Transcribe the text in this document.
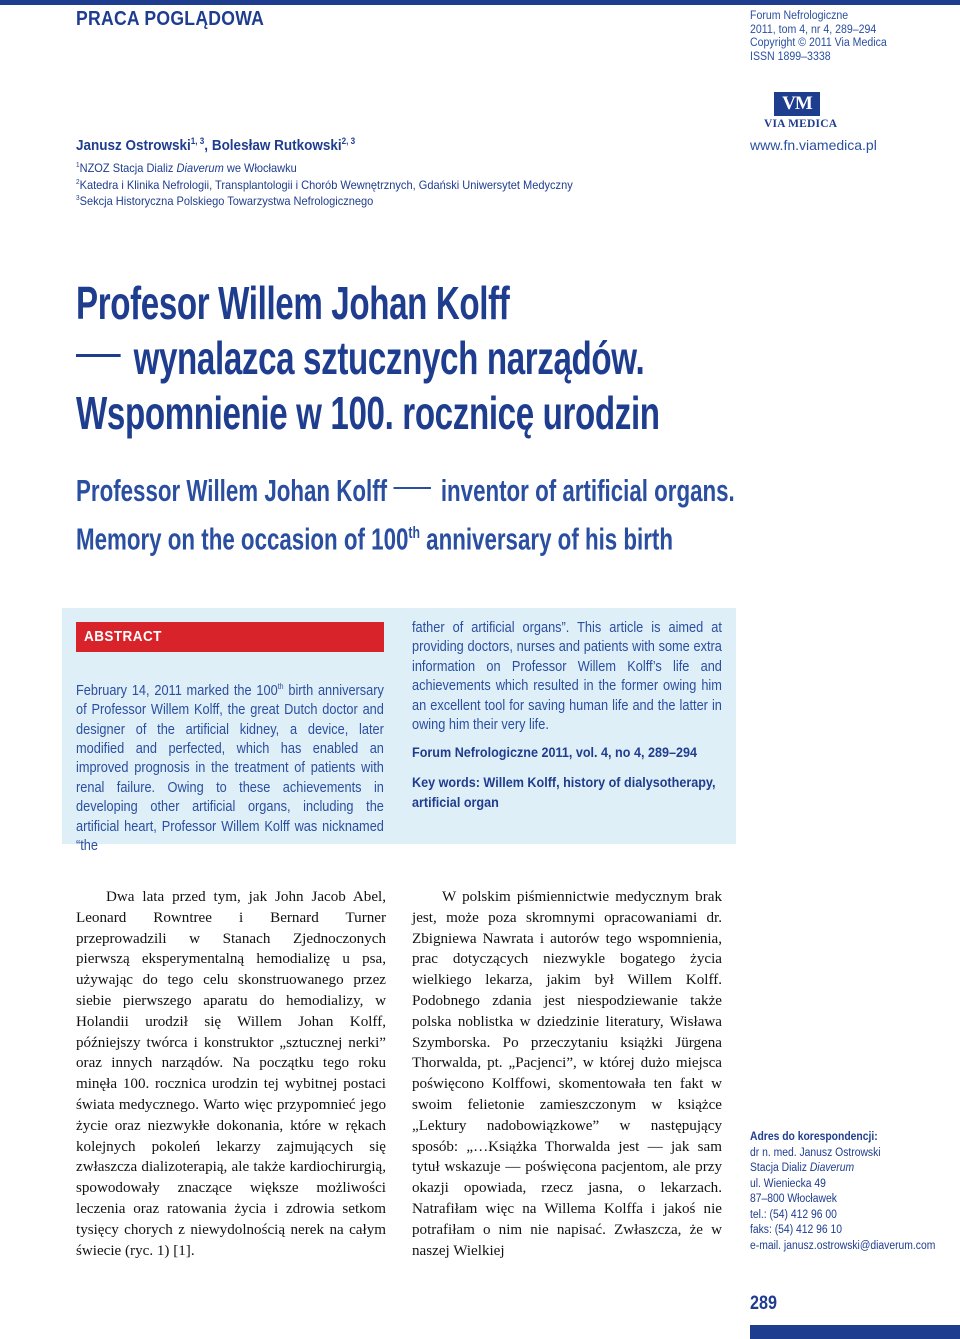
PRACA POGLĄDOWA	Forum Nefrologiczne
2011, tom 4, nr 4, 289–294
Copyright © 2011 Via Medica
ISSN 1899–3338
VM
VIA MEDICA
www.fn.viamedica.pl
Janusz Ostrowski$^{1, 3}$, Bolesław Rutkowski$^{2, 3}$
$^1$NZOZ Stacja Dializ Diaverum we Włocławku
$^2$Katedra i Klinika Nefrologii, Transplantologii i Chorób Wewnętrznych, Gdański Uniwersytet Medyczny
$^3$Sekcja Historyczna Polskiego Towarzystwa Nefrologicznego
Profesor Willem Johan Kolff
wynalazca sztucznych narządów.
Wspomnienie w 100. rocznicę urodzin
Professor Willem Johan Kolff inventor of artificial organs.
Memory on the occasion of 100th anniversary of his birth
ABSTRACT
February 14, 2011 marked the 100th birth anniversary of Professor Willem Kolff, the great Dutch doctor and designer of the artificial kidney, a device, later modified and perfected, which has enabled an improved prognosis in the treatment of patients with renal failure. Owing to these achievements in developing other artificial organs, including the artificial heart, Professor Willem Kolff was nicknamed “the
father of artificial organs”. This article is aimed at providing doctors, nurses and patients with some extra information on Professor Willem Kolff’s life and achievements which resulted in the former owing him an excellent tool for saving human life and the latter in owing him their very life.
Forum Nefrologiczne 2011, vol. 4, no 4, 289–294
Key words: Willem Kolff, history of dialysotherapy, artificial organ
Dwa lata przed tym, jak John Jacob Abel, Leonard Rowntree i Bernard Turner przeprowadzili w Stanach Zjednoczonych pierwszą eksperymentalną hemodializę u psa, używając do tego celu skonstruowanego przez siebie pierwszego aparatu do hemodializy, w Holandii urodził się Willem Johan Kolff, późniejszy twórca i konstruktor „sztucznej nerki” oraz innych narządów. Na początku tego roku minęła 100. rocznica urodzin tej wybitnej postaci świata medycznego. Warto więc przypomnieć jego życie oraz niezwykłe dokonania, które w rękach kolejnych pokoleń lekarzy zajmujących się zwłaszcza dializoterapią, ale także kardiochirurgią, spowodowały znaczące większe możliwości leczenia oraz ratowania życia i zdrowia setkom tysięcy chorych z niewydolnością nerek na całym świecie (ryc. 1) [1].
W polskim piśmiennictwie medycznym brak jest, może poza skromnymi opracowaniami dr. Zbigniewa Nawrata i autorów tego wspomnienia, prac dotyczących niezwykle bogatego życia wielkiego lekarza, jakim był Willem Kolff. Podobnego zdania jest niespodziewanie także polska noblistka w dziedzinie literatury, Wisława Szymborska. Po przeczytaniu książki Jürgena Thorwalda, pt. „Pacjenci”, w której dużo miejsca poświęcono Kolffowi, skomentowała ten fakt w swoim felietonie zamieszczonym w książce „Lektury nadobowiązkowe” w następujący sposób: „…Książka Thorwalda jest — jak sam tytuł wskazuje — poświęcona pacjentom, ale przy okazji opowiada, rzecz jasna, o lekarzach. Natrafiłam więc na Willema Kolffa i jakoś nie potrafiłam o nim nie napisać. Zwłaszcza, że w naszej Wielkiej
Adres do korespondencji:
dr n. med. Janusz Ostrowski
Stacja Dializ Diaverum
ul. Wieniecka 49
87–800 Włocławek
tel.: (54) 412 96 00
faks: (54) 412 96 10
e-mail. janusz.ostrowski@diaverum.com
289
